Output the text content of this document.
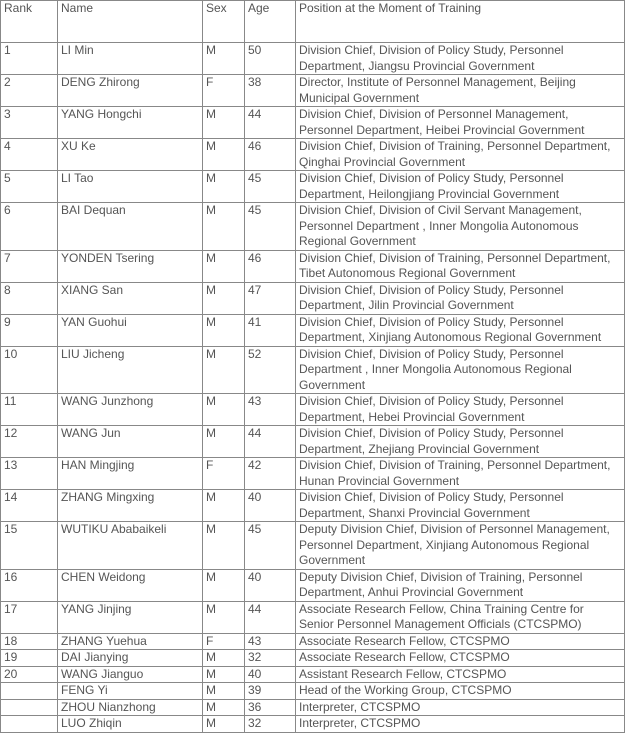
Rank	Name	Sex	Age	Position at the Moment of Training
1	LI Min	M	50	Division Chief, Division of Policy Study, Personnel Department, Jiangsu Provincial Government
2	DENG Zhirong	F	38	Director, Institute of Personnel Management, Beijing Municipal Government
3	YANG Hongchi	M	44	Division Chief, Division of Personnel Management, Personnel Department, Heibei Provincial Government
4	XU Ke	M	46	Division Chief, Division of Training, Personnel Department, Qinghai Provincial Government
5	LI Tao	M	45	Division Chief, Division of Policy Study, Personnel Department, Heilongjiang Provincial Government
6	BAI Dequan	M	45	Division Chief, Division of Civil Servant Management, Personnel Department , Inner Mongolia Autonomous Regional Government
7	YONDEN Tsering	M	46	Division Chief, Division of Training, Personnel Department, Tibet Autonomous Regional Government
8	XIANG San	M	47	Division Chief, Division of Policy Study, Personnel Department, Jilin Provincial Government
9	YAN Guohui	M	41	Division Chief, Division of Policy Study, Personnel Department, Xinjiang Autonomous Regional Government
10	LIU Jicheng	M	52	Division Chief, Division of Policy Study, Personnel Department , Inner Mongolia Autonomous Regional Government
11	WANG Junzhong	M	43	Division Chief, Division of Policy Study, Personnel Department, Hebei Provincial Government
12	WANG Jun	M	44	Division Chief, Division of Policy Study, Personnel Department, Zhejiang Provincial Government
13	HAN Mingjing	F	42	Division Chief, Division of Training, Personnel Department, Hunan Provincial Government
14	ZHANG Mingxing	M	40	Division Chief, Division of Policy Study, Personnel Department, Shanxi Provincial Government
15	WUTIKU Ababaikeli	M	45	Deputy Division Chief, Division of Personnel Management, Personnel Department, Xinjiang Autonomous Regional Government
16	CHEN Weidong	M	40	Deputy Division Chief, Division of Training, Personnel Department, Anhui Provincial Government
17	YANG Jinjing	M	44	Associate Research Fellow, China Training Centre for Senior Personnel Management Officials (CTCSPMO)
18	ZHANG Yuehua	F	43	Associate Research Fellow, CTCSPMO
19	DAI Jianying	M	32	Associate Research Fellow, CTCSPMO
20	WANG Jianguo	M	40	Assistant Research Fellow, CTCSPMO
	FENG Yi	M	39	Head of the Working Group, CTCSPMO
	ZHOU Nianzhong	M	36	Interpreter, CTCSPMO
	LUO Zhiqin	M	32	Interpreter, CTCSPMO
